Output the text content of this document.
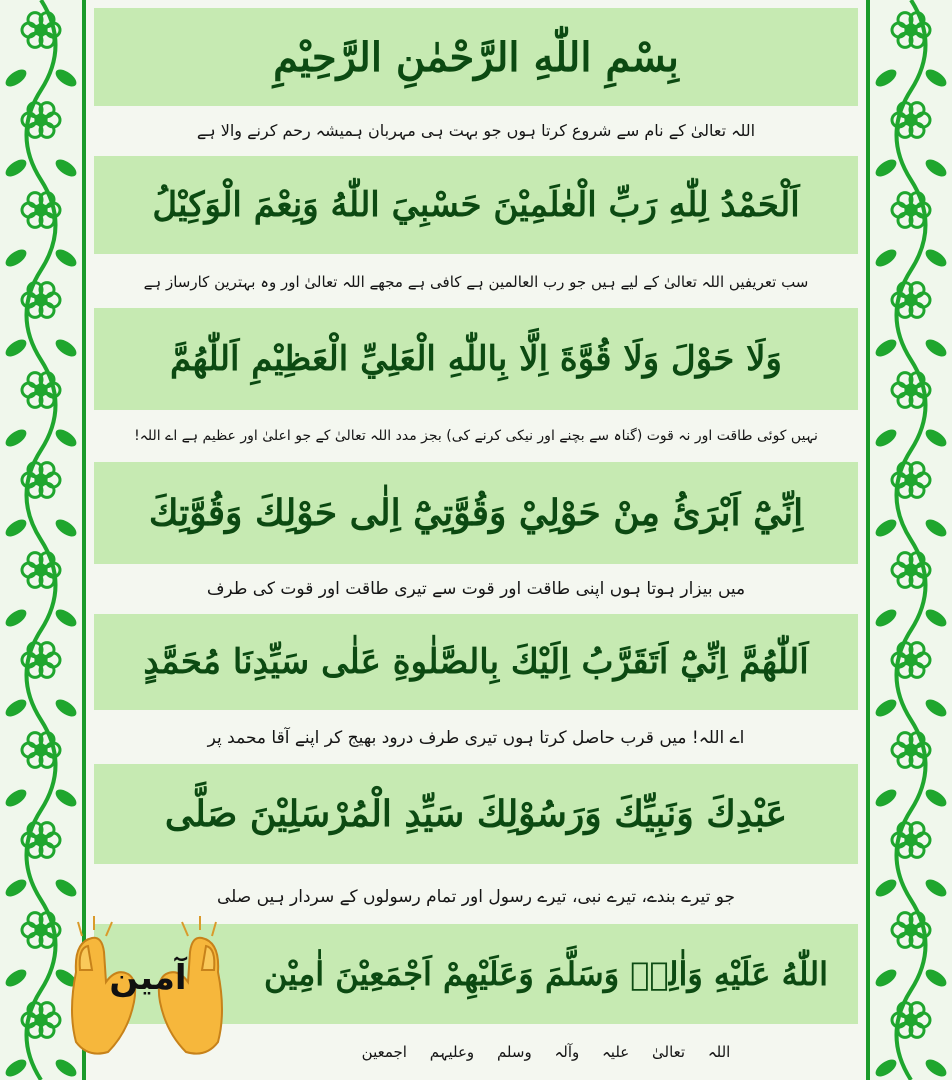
بِسْمِ اللّٰهِ الرَّحْمٰنِ الرَّحِيْمِ
اللہ تعالیٰ کے نام سے شروع کرتا ہوں جو بہت ہی مہربان ہمیشہ رحم کرنے والا ہے
اَلْحَمْدُ لِلّٰهِ رَبِّ الْعٰلَمِيْنَ حَسْبِيَ اللّٰهُ وَنِعْمَ الْوَكِيْلُ
سب تعریفیں اللہ تعالیٰ کے لیے ہیں جو رب العالمین ہے کافی ہے مجھے اللہ تعالیٰ اور وہ بہترین کارساز ہے
وَلَا حَوْلَ وَلَا قُوَّةَ اِلَّا بِاللّٰهِ الْعَلِيِّ الْعَظِيْمِ اَللّٰهُمَّ
نہیں کوئی طاقت اور نہ قوت (گناہ سے بچنے اور نیکی کرنے کی) بجز مدد اللہ تعالیٰ کے جو اعلیٰ اور عظیم ہے اے اللہ!
اِنِّيْٓ اَبْرَئُ مِنْ حَوْلِيْ وَقُوَّتِيْٓ اِلٰى حَوْلِكَ وَقُوَّتِكَ
میں بیزار ہوتا ہوں اپنی طاقت اور قوت سے تیری طاقت اور قوت کی طرف
اَللّٰهُمَّ اِنِّيْٓ اَتَقَرَّبُ اِلَيْكَ بِالصَّلٰوةِ عَلٰى سَيِّدِنَا مُحَمَّدٍ
اے اللہ! میں قرب حاصل کرتا ہوں تیری طرف درود بھیج کر اپنے آقا محمد پر
عَبْدِكَ وَنَبِيِّكَ وَرَسُوْلِكَ سَيِّدِ الْمُرْسَلِيْنَ صَلَّى
جو تیرے بندے، تیرے نبی، تیرے رسول اور تمام رسولوں کے سردار ہیں صلی
اللّٰهُ عَلَيْهِ وَاٰلِهٖ وَسَلَّمَ وَعَلَيْهِمْ اَجْمَعِيْنَ اٰمِيْن
اللہ تعالیٰ علیہ وآلہ وسلم وعلیہم اجمعین
آمین
